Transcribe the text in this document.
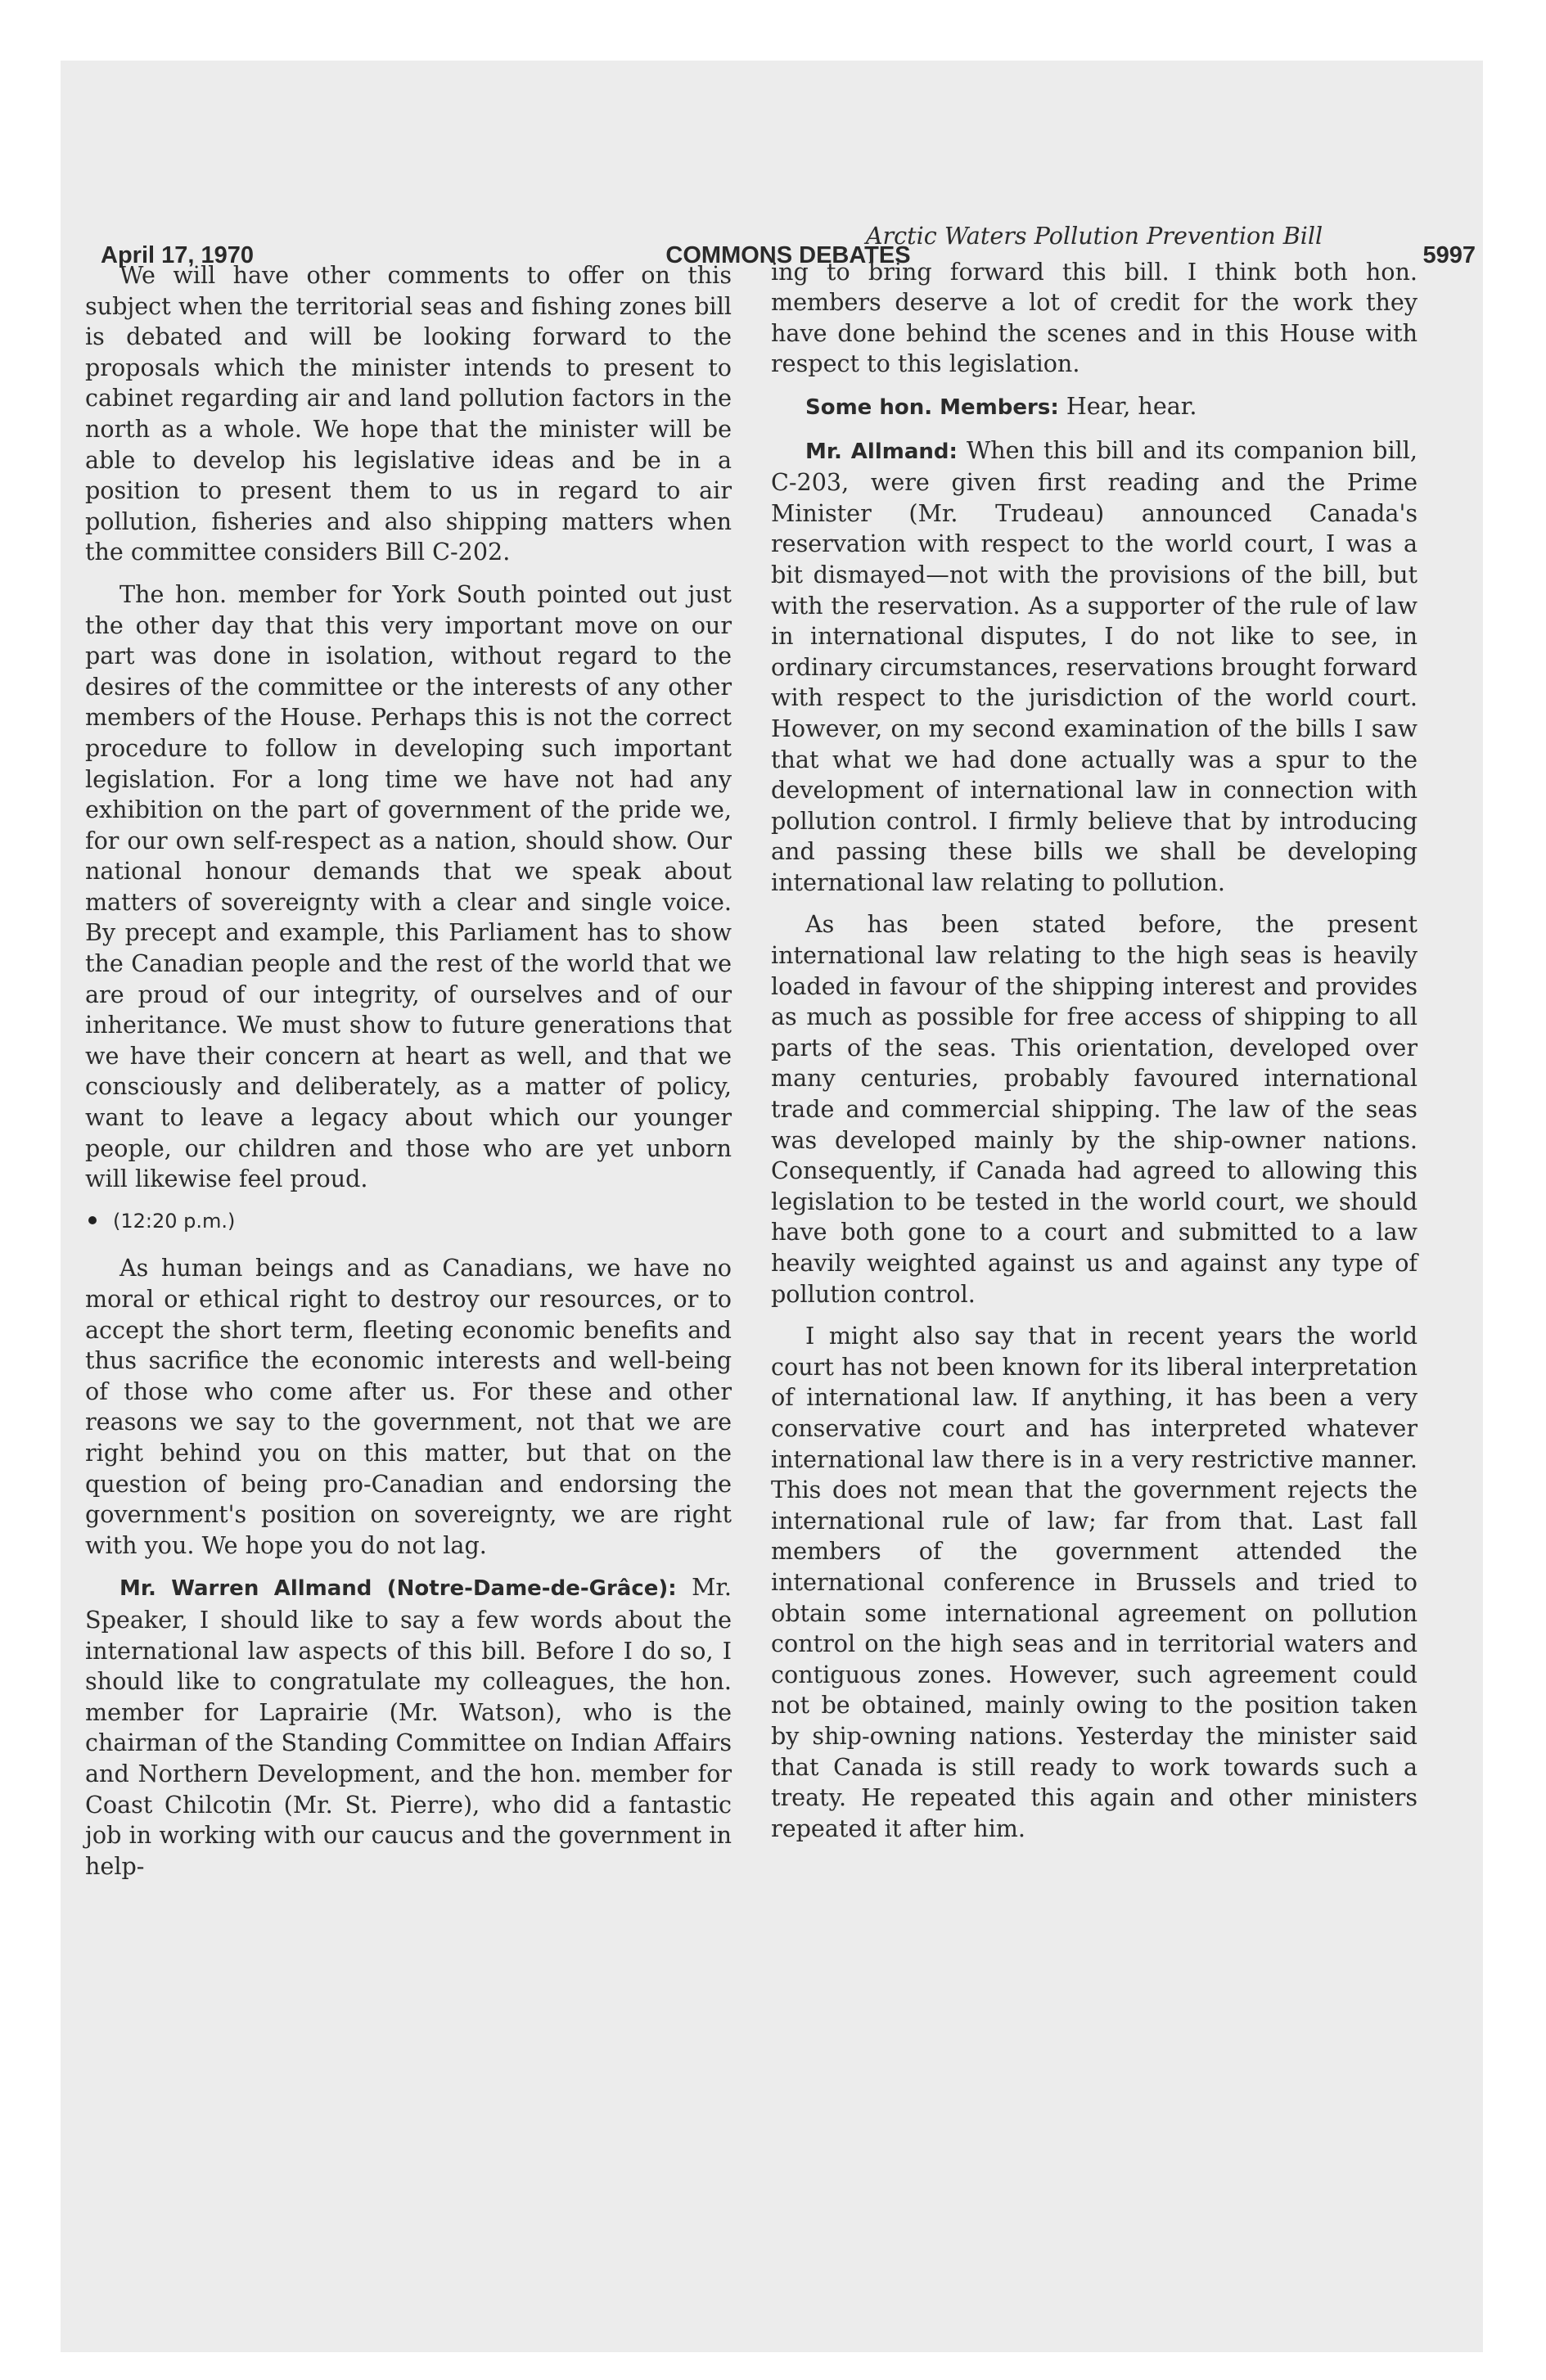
April 17, 1970	COMMONS DEBATES	5997

We will have other comments to offer on this subject when the territorial seas and fishing zones bill is debated and will be looking forward to the proposals which the minister intends to present to cabinet regarding air and land pollution factors in the north as a whole. We hope that the minister will be able to develop his legislative ideas and be in a position to present them to us in regard to air pollution, fisheries and also shipping matters when the committee considers Bill C-202.

The hon. member for York South pointed out just the other day that this very important move on our part was done in isolation, without regard to the desires of the committee or the interests of any other members of the House. Perhaps this is not the correct procedure to follow in developing such important legislation. For a long time we have not had any exhibition on the part of government of the pride we, for our own self-respect as a nation, should show. Our national honour demands that we speak about matters of sovereignty with a clear and single voice. By precept and example, this Parliament has to show the Canadian people and the rest of the world that we are proud of our integrity, of ourselves and of our inheritance. We must show to future generations that we have their concern at heart as well, and that we consciously and deliberately, as a matter of policy, want to leave a legacy about which our younger people, our children and those who are yet unborn will likewise feel proud.

(12:20 p.m.)

As human beings and as Canadians, we have no moral or ethical right to destroy our resources, or to accept the short term, fleeting economic benefits and thus sacrifice the economic interests and well-being of those who come after us. For these and other reasons we say to the government, not that we are right behind you on this matter, but that on the question of being pro-Canadian and endorsing the government's position on sovereignty, we are right with you. We hope you do not lag.

Mr. Warren Allmand (Notre-Dame-de-Grâce): Mr. Speaker, I should like to say a few words about the international law aspects of this bill. Before I do so, I should like to congratulate my colleagues, the hon. member for Laprairie (Mr. Watson), who is the chairman of the Standing Committee on Indian Affairs and Northern Development, and the hon. member for Coast Chilcotin (Mr. St. Pierre), who did a fantastic job in working with our caucus and the government in help-

Arctic Waters Pollution Prevention Bill

ing to bring forward this bill. I think both hon. members deserve a lot of credit for the work they have done behind the scenes and in this House with respect to this legislation.

Some hon. Members: Hear, hear.

Mr. Allmand: When this bill and its companion bill, C-203, were given first reading and the Prime Minister (Mr. Trudeau) announced Canada's reservation with respect to the world court, I was a bit dismayed—not with the provisions of the bill, but with the reservation. As a supporter of the rule of law in international disputes, I do not like to see, in ordinary circumstances, reservations brought forward with respect to the jurisdiction of the world court. However, on my second examination of the bills I saw that what we had done actually was a spur to the development of international law in connection with pollution control. I firmly believe that by introducing and passing these bills we shall be developing international law relating to pollution.

As has been stated before, the present international law relating to the high seas is heavily loaded in favour of the shipping interest and provides as much as possible for free access of shipping to all parts of the seas. This orientation, developed over many centuries, probably favoured international trade and commercial shipping. The law of the seas was developed mainly by the ship-owner nations. Consequently, if Canada had agreed to allowing this legislation to be tested in the world court, we should have both gone to a court and submitted to a law heavily weighted against us and against any type of pollution control.

I might also say that in recent years the world court has not been known for its liberal interpretation of international law. If anything, it has been a very conservative court and has interpreted whatever international law there is in a very restrictive manner. This does not mean that the government rejects the international rule of law; far from that. Last fall members of the government attended the international conference in Brussels and tried to obtain some international agreement on pollution control on the high seas and in territorial waters and contiguous zones. However, such agreement could not be obtained, mainly owing to the position taken by ship-owning nations. Yesterday the minister said that Canada is still ready to work towards such a treaty. He repeated this again and other ministers repeated it after him.
